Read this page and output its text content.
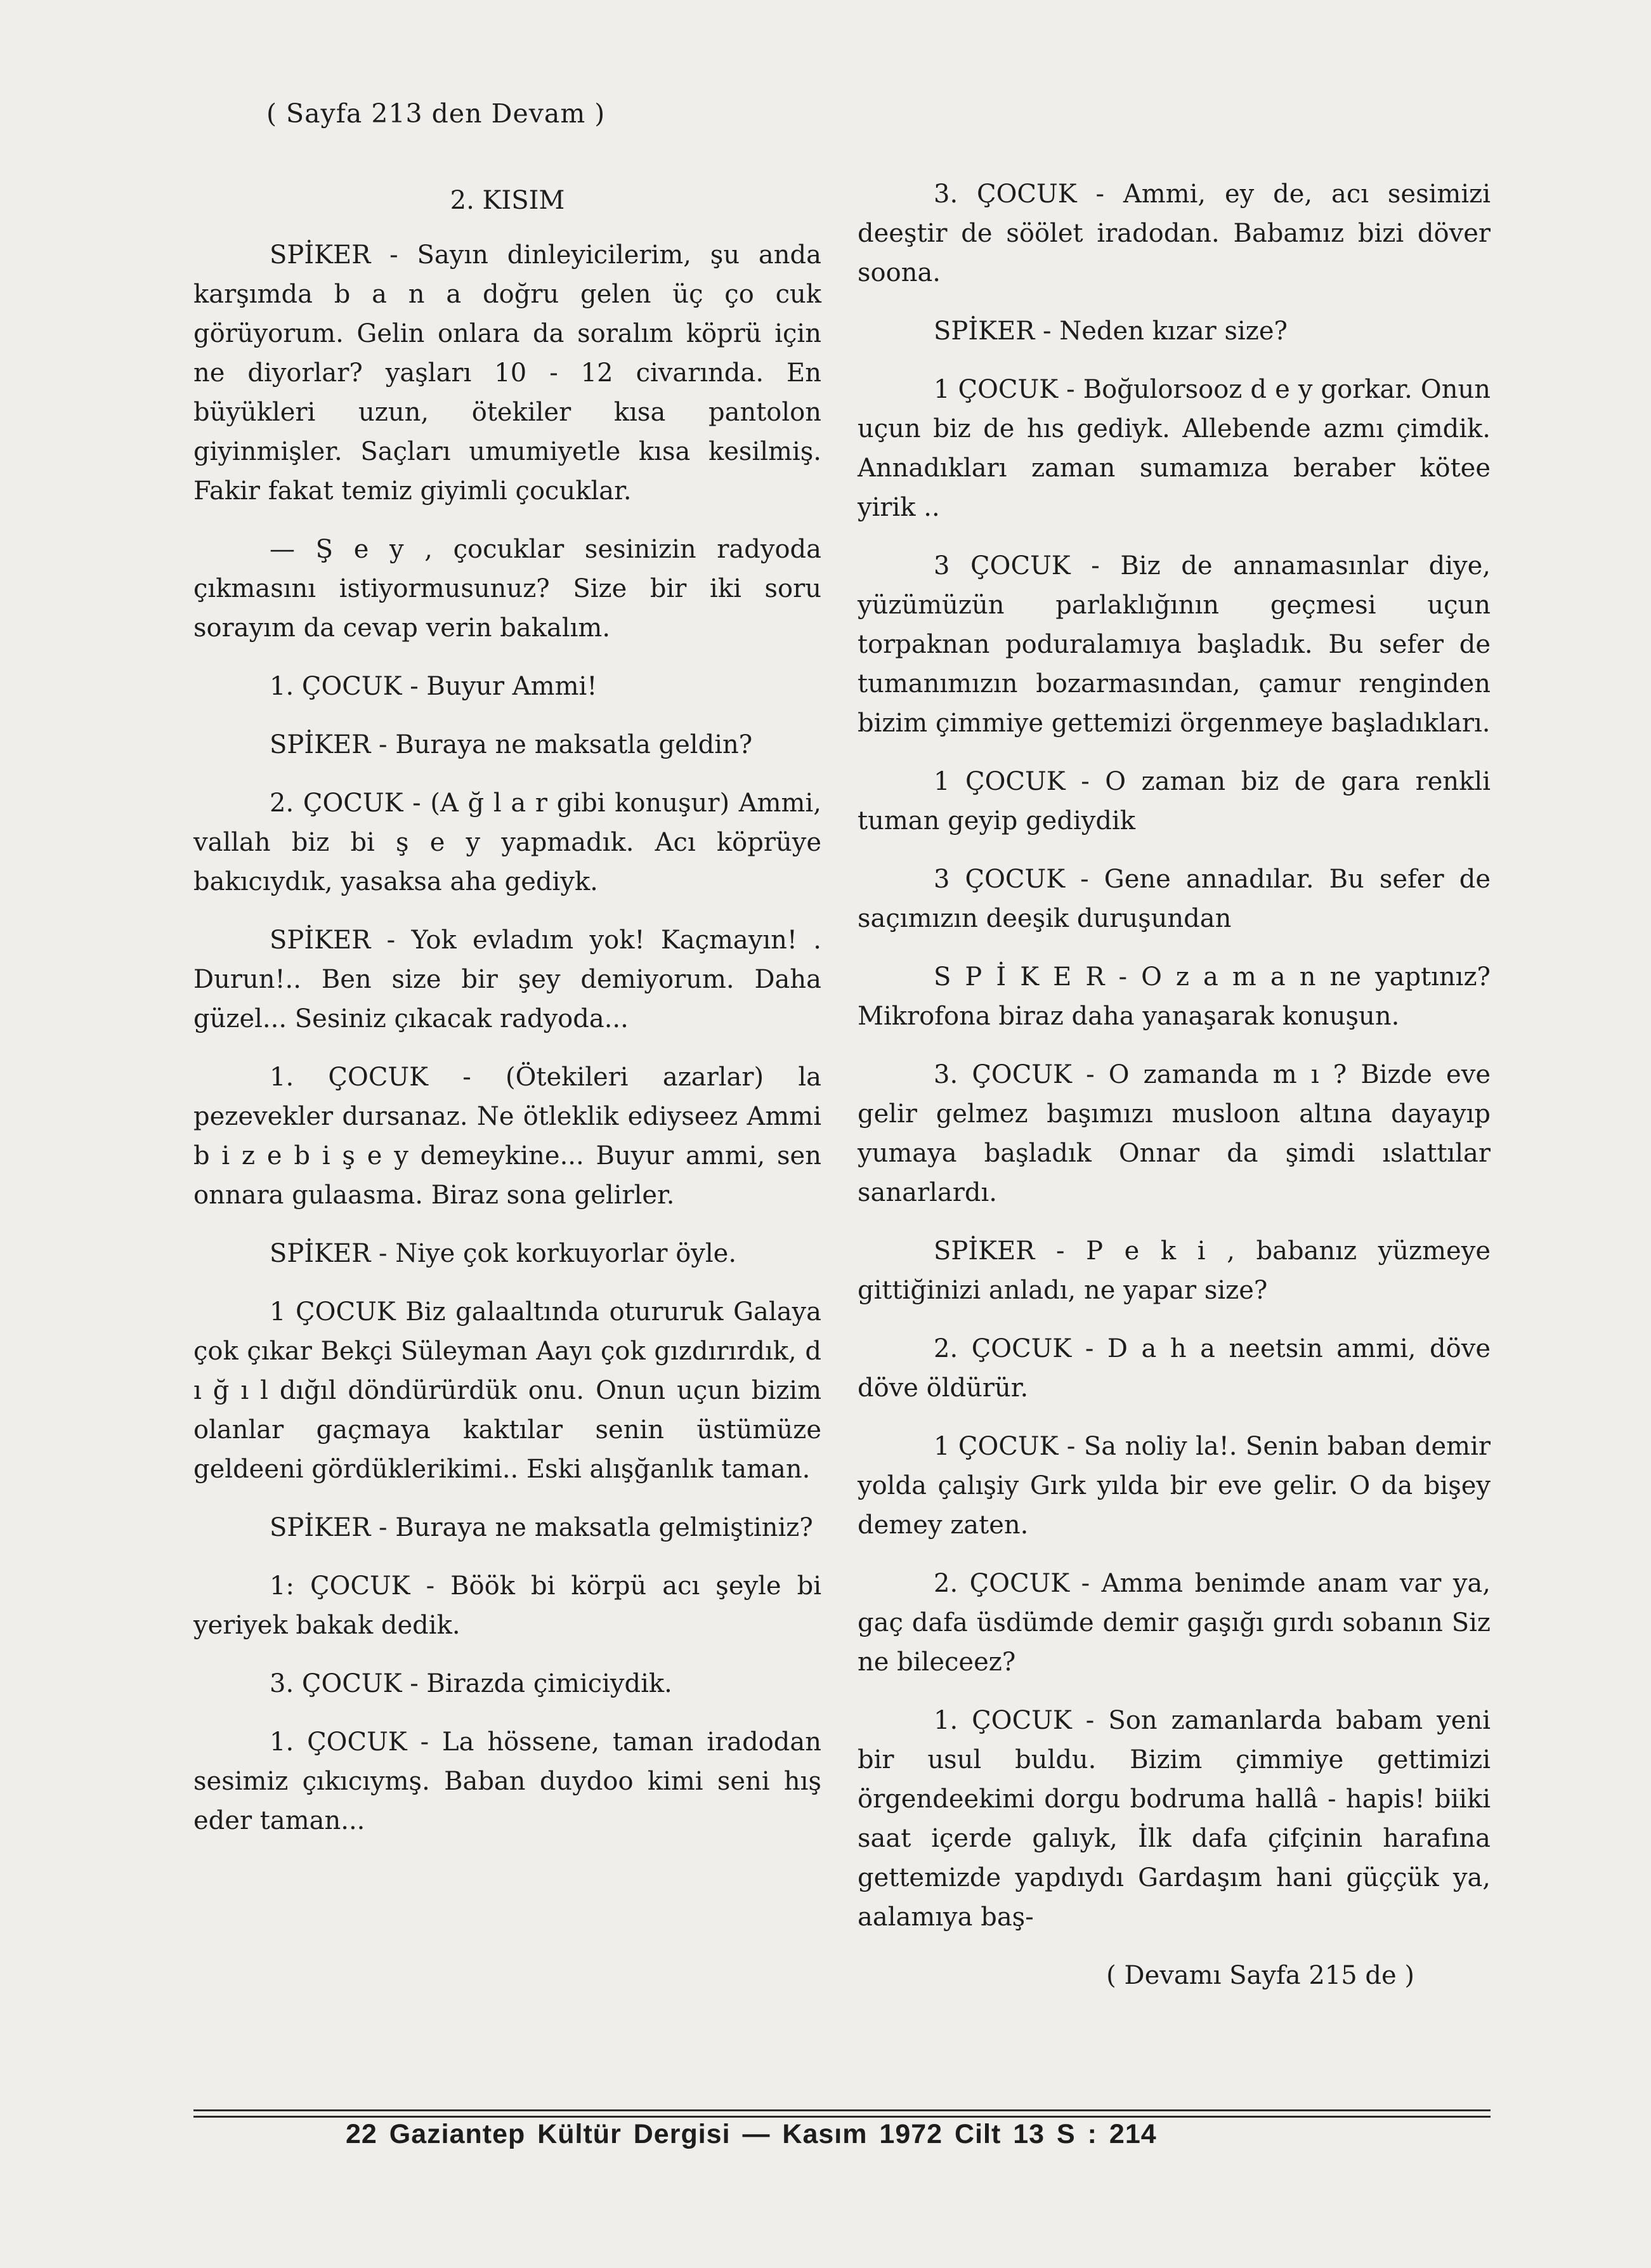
( Sayfa 213 den Devam )

2. KISIM

SPİKER - Sayın dinleyicilerim, şu anda karşımda b a n a doğru gelen üç ço cuk görüyorum. Gelin onlara da soralım köprü için ne diyorlar? yaşları 10 - 12 civarında. En büyükleri uzun, ötekiler kısa pantolon giyinmişler. Saçları umumiyetle kısa kesilmiş. Fakir fakat temiz giyimli çocuklar.

— Ş e y , çocuklar sesinizin radyoda çıkmasını istiyormusunuz? Size bir iki soru sorayım da cevap verin bakalım.

1. ÇOCUK - Buyur Ammi!

SPİKER - Buraya ne maksatla geldin?

2. ÇOCUK - (A ğ l a r gibi konuşur) Ammi, vallah biz bi ş e y yapmadık. Acı köprüye bakıcıydık, yasaksa aha gediyk.

SPİKER - Yok evladım yok! Kaçmayın! . Durun!.. Ben size bir şey demiyorum. Daha güzel... Sesiniz çıkacak radyoda...

1. ÇOCUK - (Ötekileri azarlar) la pezevekler dursanaz. Ne ötleklik ediyseez Ammi b i z e b i ş e y demeykine... Buyur ammi, sen onnara gulaasma. Biraz sona gelirler.

SPİKER - Niye çok korkuyorlar öyle.

1 ÇOCUK Biz galaaltında otururuk Galaya çok çıkar Bekçi Süleyman Aayı çok gızdırırdık, d ı ğ ı l dığıl döndürürdük onu. Onun uçun bizim olanlar gaçmaya kaktılar senin üstümüze geldeeni gördüklerikimi.. Eski alışğanlık taman.

SPİKER - Buraya ne maksatla gelmiştiniz?

1: ÇOCUK - Böök bi körpü acı şeyle bi yeriyek bakak dedik.

3. ÇOCUK - Birazda çimiciydik.

1. ÇOCUK - La hössene, taman iradodan sesimiz çıkıcıymş. Baban duydoo kimi seni hış eder taman...

3. ÇOCUK - Ammi, ey de, acı sesimizi deeştir de söölet iradodan. Babamız bizi döver soona.

SPİKER - Neden kızar size?

1 ÇOCUK - Boğulorsooz d e y gorkar. Onun uçun biz de hıs gediyk. Allebende azmı çimdik. Annadıkları zaman sumamıza beraber kötee yirik ..

3 ÇOCUK - Biz de annamasınlar diye, yüzümüzün parlaklığının geçmesi uçun torpaknan poduralamıya başladık. Bu sefer de tumanımızın bozarmasından, çamur renginden bizim çimmiye gettemizi örgenmeye başladıkları.

1 ÇOCUK - O zaman biz de gara renkli tuman geyip gediydik

3 ÇOCUK - Gene annadılar. Bu sefer de saçımızın deeşik duruşundan

S P İ K E R - O z a m a n ne yaptınız? Mikrofona biraz daha yanaşarak konuşun.

3. ÇOCUK - O zamanda m ı ? Bizde eve gelir gelmez başımızı musloon altına dayayıp yumaya başladık Onnar da şimdi ıslattılar sanarlardı.

SPİKER - P e k i , babanız yüzmeye gittiğinizi anladı, ne yapar size?

2. ÇOCUK - D a h a neetsin ammi, döve döve öldürür.

1 ÇOCUK - Sa noliy la!. Senin baban demir yolda çalışiy Gırk yılda bir eve gelir. O da bişey demey zaten.

2. ÇOCUK - Amma benimde anam var ya, gaç dafa üsdümde demir gaşığı gırdı sobanın Siz ne bileceez?

1. ÇOCUK - Son zamanlarda babam yeni bir usul buldu. Bizim çimmiye gettimizi örgendeekimi dorgu bodruma hallâ - hapis! biiki saat içerde galıyk, İlk dafa çifçinin harafına gettemizde yapdıydı Gardaşım hani güççük ya, aalamıya baş-

( Devamı Sayfa 215 de )

22 Gaziantep Kültür Dergisi — Kasım 1972 Cilt 13 S : 214
